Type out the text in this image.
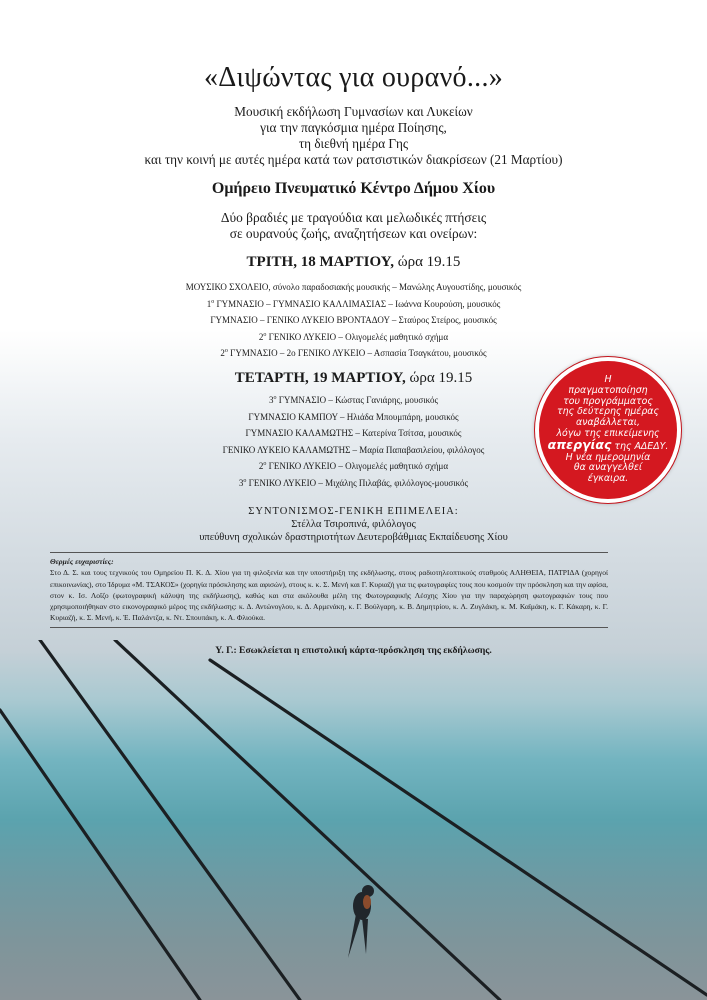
«Διψώντας για ουρανό...»
Μουσική εκδήλωση Γυμνασίων και Λυκείων
για την παγκόσμια ημέρα Ποίησης,
τη διεθνή ημέρα Γης
και την κοινή με αυτές ημέρα κατά των ρατσιστικών διακρίσεων (21 Μαρτίου)
Ομήρειο Πνευματικό Κέντρο Δήμου Χίου
Δύο βραδιές με τραγούδια και μελωδικές πτήσεις
σε ουρανούς ζωής, αναζητήσεων και ονείρων:
ΤΡΙΤΗ, 18 ΜΑΡΤΙΟΥ, ώρα 19.15
ΜΟΥΣΙΚΟ ΣΧΟΛΕΙΟ, σύνολο παραδοσιακής μουσικής – Μανώλης Αυγουστίδης, μουσικός
$1^o$ ΓΥΜΝΑΣΙΟ – ΓΥΜΝΑΣΙΟ ΚΑΛΛΙΜΑΣΙΑΣ – Ιωάννα Κουρούση, μουσικός
ΓΥΜΝΑΣΙΟ – ΓΕΝΙΚΟ ΛΥΚΕΙΟ ΒΡΟΝΤΑΔΟΥ – Σταύρος Στείρος, μουσικός
$2^o$ ΓΕΝΙΚΟ ΛΥΚΕΙΟ – Ολιγομελές μαθητικό σχήμα
$2^o$ ΓΥΜΝΑΣΙΟ – 2ο ΓΕΝΙΚΟ ΛΥΚΕΙΟ – Ασπασία Τσαγκάτου, μουσικός
ΤΕΤΑΡΤΗ, 19 ΜΑΡΤΙΟΥ, ώρα 19.15
$3^o$ ΓΥΜΝΑΣΙΟ – Κώστας Γανιάρης, μουσικός
ΓΥΜΝΑΣΙΟ ΚΑΜΠΟΥ – Ηλιάδα Μπουμπάρη, μουσικός
ΓΥΜΝΑΣΙΟ ΚΑΛΑΜΩΤΗΣ – Κατερίνα Τσίτσα, μουσικός
ΓΕΝΙΚΟ ΛΥΚΕΙΟ ΚΑΛΑΜΩΤΗΣ – Μαρία Παπαβασιλείου, φιλόλογος
$2^o$ ΓΕΝΙΚΟ ΛΥΚΕΙΟ – Ολιγομελές μαθητικό σχήμα
$3^o$ ΓΕΝΙΚΟ ΛΥΚΕΙΟ – Μιχάλης Πιλαβάς, φιλόλογος-μουσικός
Η
πραγματοποίηση
του προγράμματος
της δεύτερης ημέρας
αναβάλλεται,
λόγω της επικείμενης
απεργίας της ΑΔΕΔΥ.
Η νέα ημερομηνία
θα αναγγελθεί
έγκαιρα.
ΣΥΝΤΟΝΙΣΜΟΣ-ΓΕΝΙΚΗ ΕΠΙΜΕΛΕΙΑ:
Στέλλα Τσιροπινά, φιλόλογος
υπεύθυνη σχολικών δραστηριοτήτων Δευτεροβάθμιας Εκπαίδευσης Χίου
Θερμές ευχαριστίες:
Στο Δ. Σ. και τους τεχνικούς του Ομηρείου Π. Κ. Δ. Χίου για τη φιλοξενία και την υποστήριξη της εκδήλωσης, στους ραδιοτηλεοπτικούς σταθμούς ΑΛΗΘΕΙΑ, ΠΑΤΡΙΔΑ (χορηγοί επικοινωνίας), στο Ίδρυμα «Μ. ΤΣΑΚΟΣ» (χορηγία πρόσκλησης και αφισών), στους κ. κ. Σ. Μενή και Γ. Κυριαζή για τις φωτογραφίες τους που κοσμούν την πρόσκληση και την αφίσα, στον κ. Ισ. Λοΐζο (φωτογραφική κάλυψη της εκδήλωσης), καθώς και στα ακόλουθα μέλη της Φωτογραφικής Λέσχης Χίου για την παραχώρηση φωτογραφιών τους που χρησιμοποιήθηκαν στο εικονογραφικό μέρος της εκδήλωσης: κ. Δ. Αντώνογλου, κ. Δ. Αρμενάκη, κ. Γ. Βούλγαρη, κ. Β. Δημητρίου, κ. Λ. Ζυγλάκη, κ. Μ. Καϊμάκη, κ. Γ. Κάκαρη, κ. Γ. Κυριαζή, κ. Σ. Μενή, κ. Έ. Παλάντζα, κ. Ντ. Σπουπάκη, κ. Α. Φλιούκα.
Υ. Γ.: Εσωκλείεται η επιστολική κάρτα-πρόσκληση της εκδήλωσης.
